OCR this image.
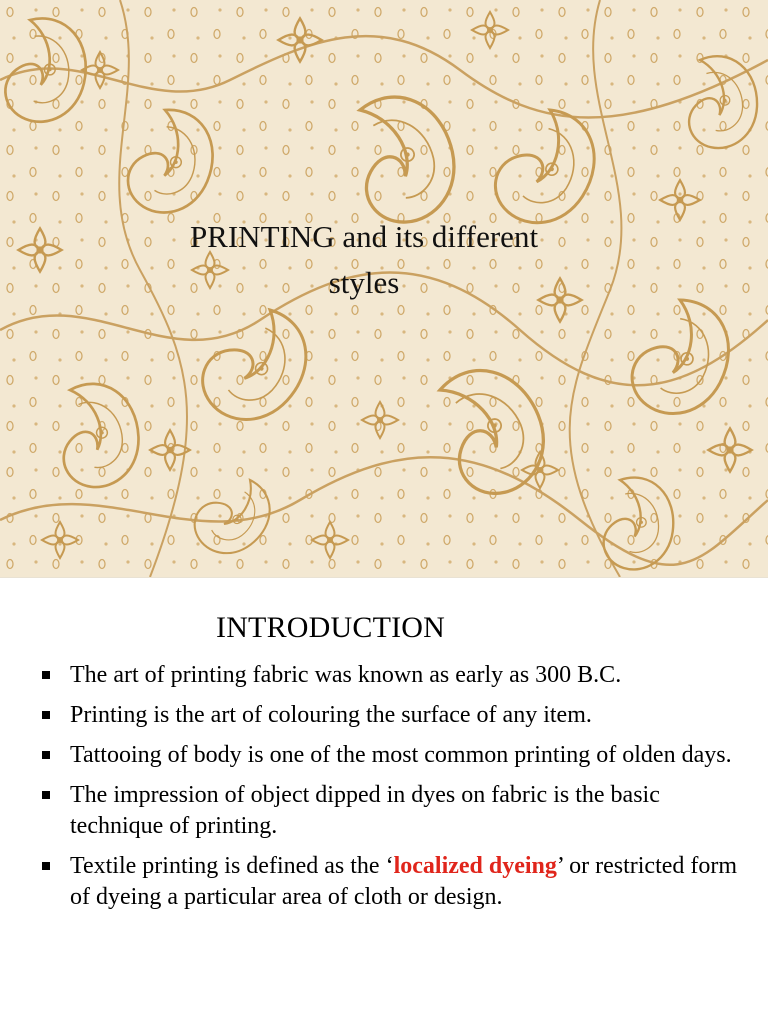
PRINTING and its different
styles
INTRODUCTION
The art of printing fabric was known as early as 300 B.C.
Printing is the art of colouring the surface of any item.
Tattooing of body is one of the most common printing of olden days.
The impression of object dipped in dyes on fabric is the basic technique of printing.
Textile printing is defined as the ‘localized dyeing’ or restricted form of dyeing a particular area of cloth or design.
